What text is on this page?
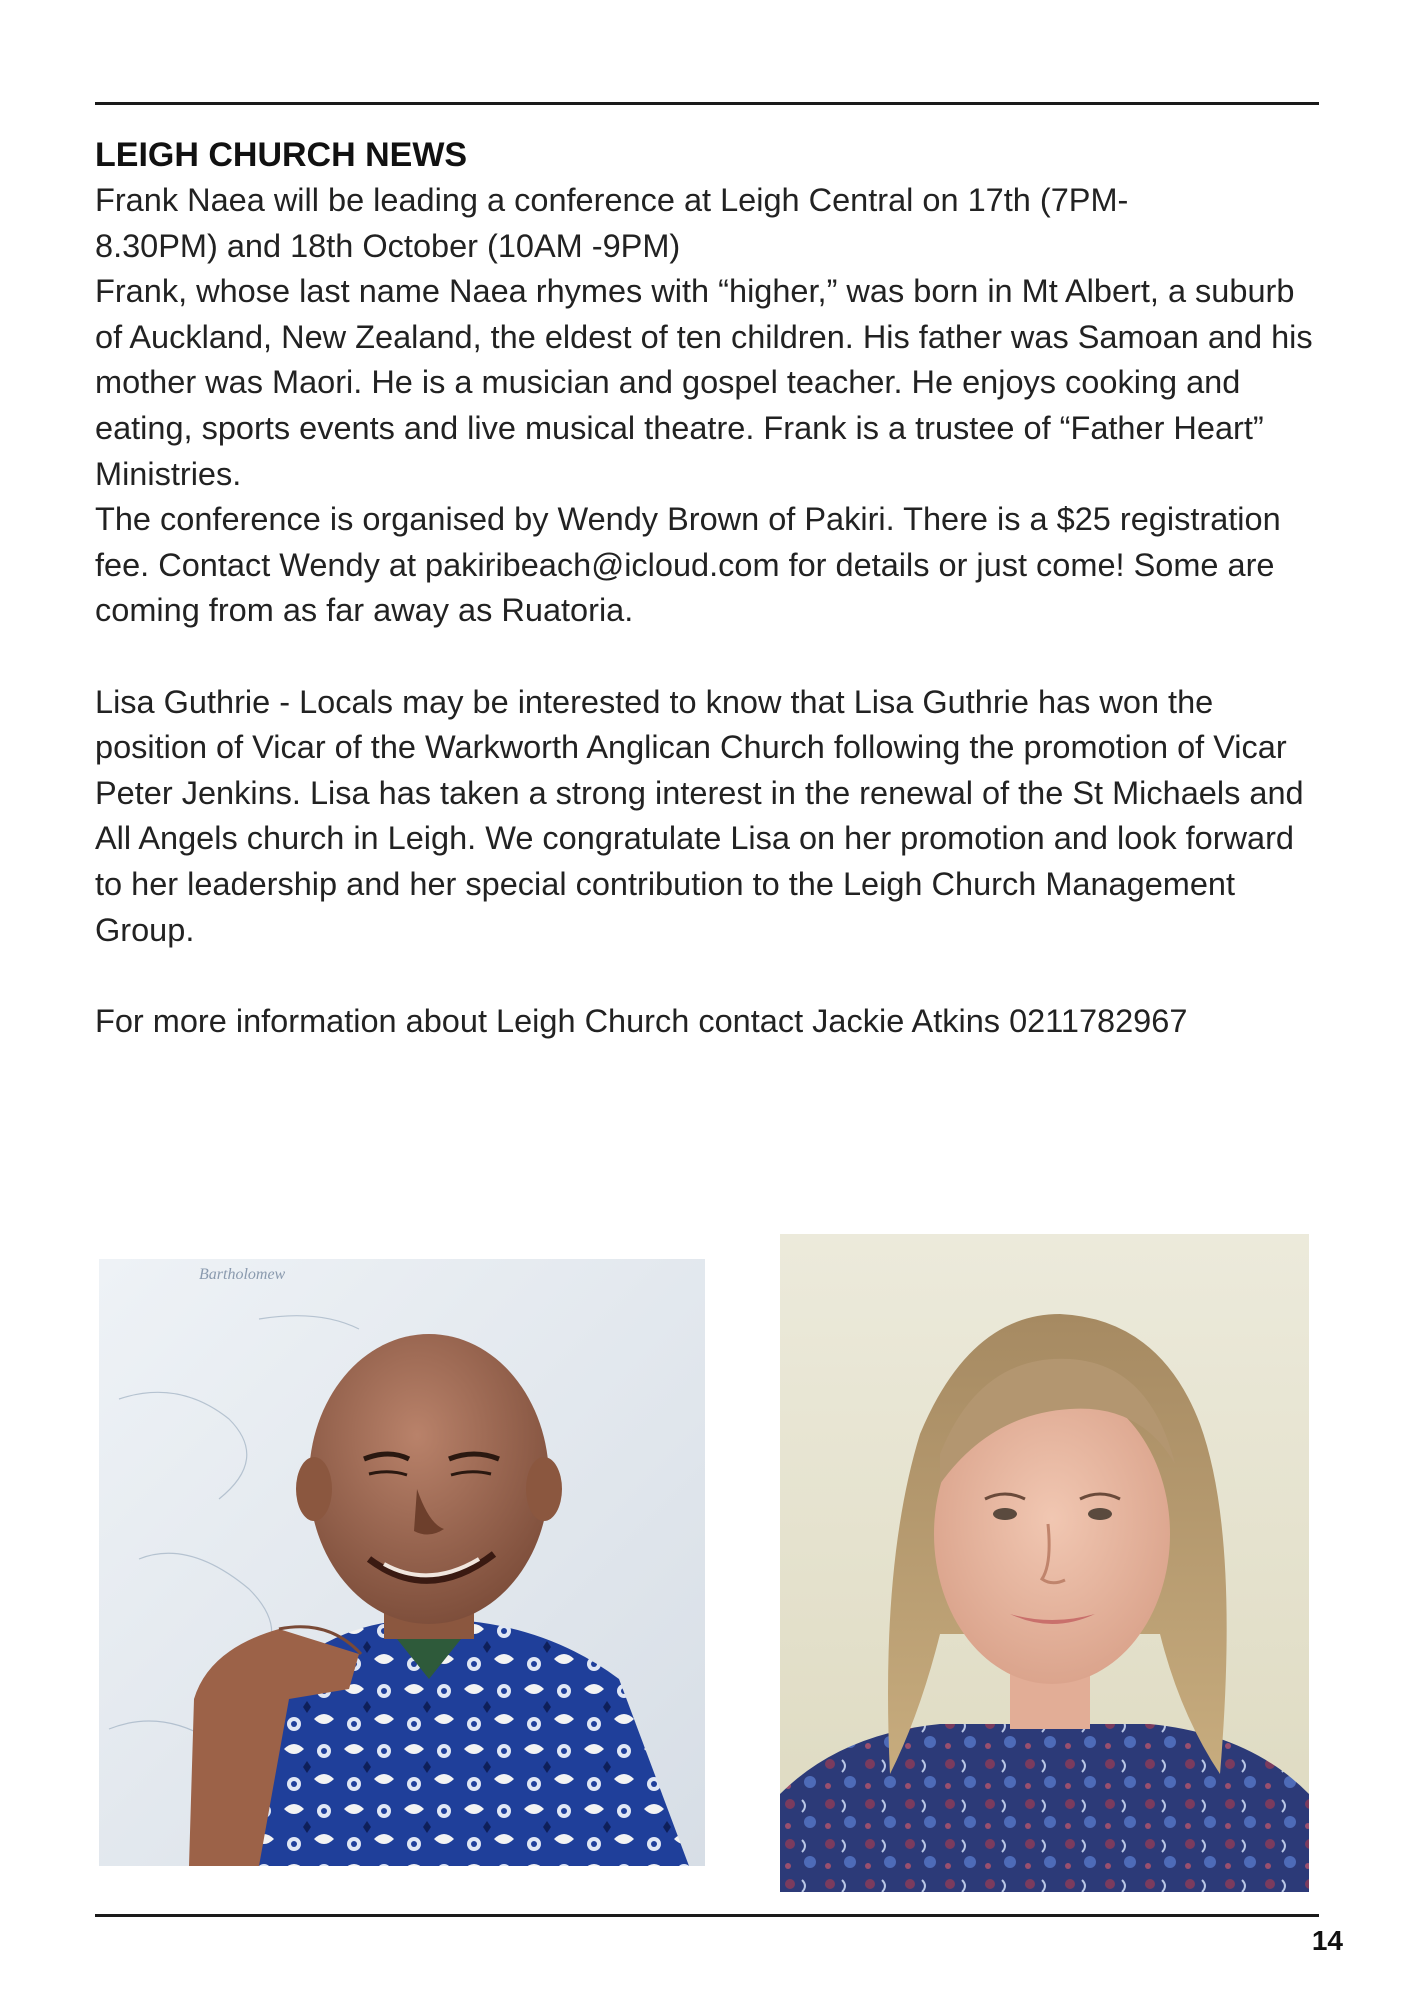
LEIGH CHURCH NEWS

Frank Naea will be leading a conference at Leigh Central on 17th (7PM-

8.30PM) and 18th October (10AM -9PM)

Frank, whose last name Naea rhymes with “higher,” was born in Mt Albert, a suburb of Auckland, New Zealand, the eldest of ten children. His father was Samoan and his mother was Maori. He is a musician and gospel teacher. He enjoys cooking and eating, sports events and live musical theatre. Frank is a trustee of “Father Heart” Ministries.

The conference is organised by Wendy Brown of Pakiri. There is a $25 registration fee. Contact Wendy at pakiribeach@icloud.com for details or just come! Some are coming from as far away as Ruatoria.

Lisa Guthrie - Locals may be interested to know that Lisa Guthrie has won the position of Vicar of the Warkworth Anglican Church following the promotion of Vicar Peter Jenkins. Lisa has taken a strong interest in the renewal of the St Michaels and All Angels church in Leigh. We congratulate Lisa on her promotion and look forward to her leadership and her special contribution to the Leigh Church Management Group.

For more information about Leigh Church contact Jackie Atkins 0211782967

Bartholomew
14
